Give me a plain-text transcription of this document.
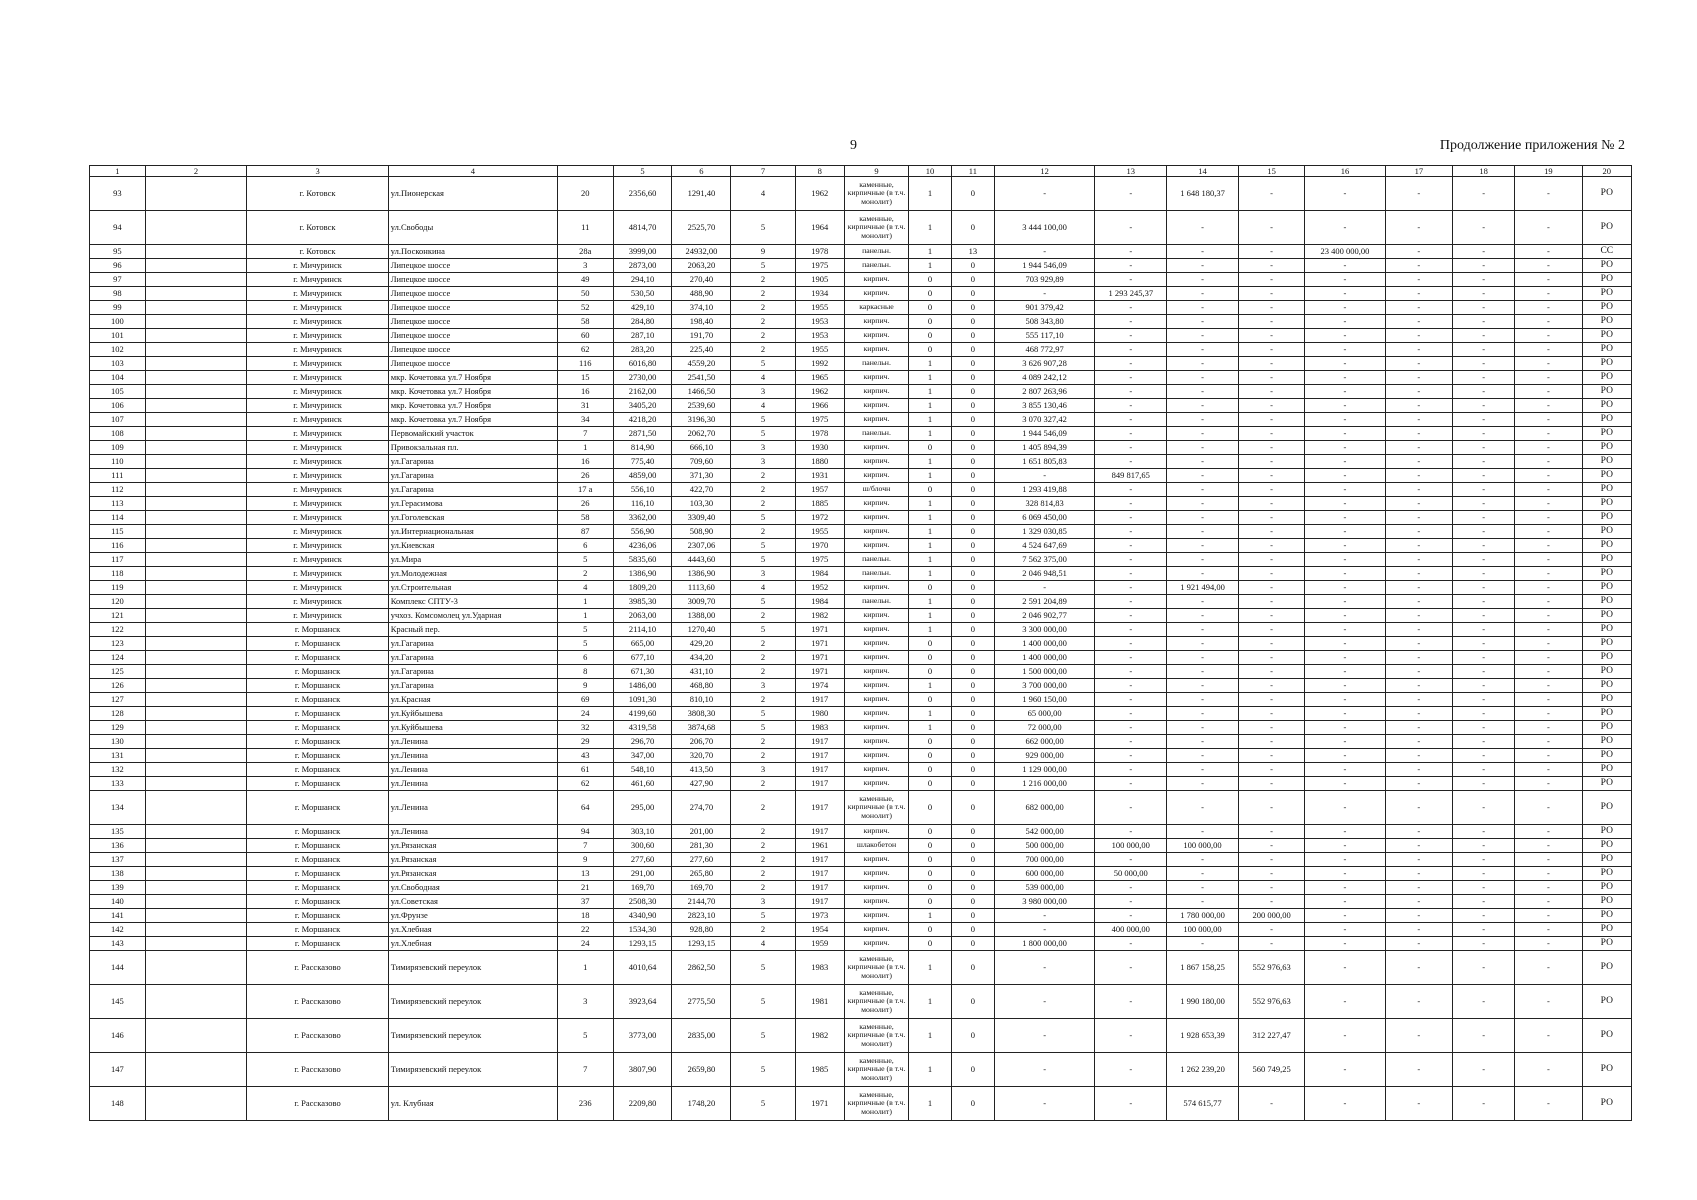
9	Продолжение приложения № 2
1	2	3	4		5	6	7	8	9	10	11	12	13	14	15	16	17	18	19	20
93		г. Котовск	ул.Пионерская	20	2356,60	1291,40	4	1962	каменные, кирпичные (в т.ч. монолит)	1	0	-	-	1 648 180,37	-	-	-	-	-	РО
94		г. Котовск	ул.Свободы	11	4814,70	2525,70	5	1964	каменные, кирпичные (в т.ч. монолит)	1	0	3 444 100,00	-	-	-	-	-	-	-	РО
95		г. Котовск	ул.Посконкина	28а	3999,00	24932,00	9	1978	панельн.	1	13	-	-	-	-	23 400 000,00	-	-	-	СС
96		г. Мичуринск	Липецкое шоссе	3	2873,00	2063,20	5	1975	панельн.	1	0	1 944 546,09	-	-	-	-	-	-	-	РО
97		г. Мичуринск	Липецкое шоссе	49	294,10	270,40	2	1905	кирпич.	0	0	703 929,89	-	-	-	-	-	-	-	РО
98		г. Мичуринск	Липецкое шоссе	50	530,50	488,90	2	1934	кирпич.	0	0	-	1 293 245,37	-	-	-	-	-	-	РО
99		г. Мичуринск	Липецкое шоссе	52	429,10	374,10	2	1955	каркасные	0	0	901 379,42	-	-	-	-	-	-	-	РО
100		г. Мичуринск	Липецкое шоссе	58	284,80	198,40	2	1953	кирпич.	0	0	508 343,80	-	-	-	-	-	-	-	РО
101		г. Мичуринск	Липецкое шоссе	60	287,10	191,70	2	1953	кирпич.	0	0	555 117,10	-	-	-	-	-	-	-	РО
102		г. Мичуринск	Липецкое шоссе	62	283,20	225,40	2	1955	кирпич.	0	0	468 772,97	-	-	-	-	-	-	-	РО
103		г. Мичуринск	Липецкое шоссе	116	6016,80	4559,20	5	1992	панельн.	1	0	3 626 907,28	-	-	-	-	-	-	-	РО
104		г. Мичуринск	мкр. Кочетовка ул.7 Ноября	15	2730,00	2541,50	4	1965	кирпич.	1	0	4 089 242,12	-	-	-	-	-	-	-	РО
105		г. Мичуринск	мкр. Кочетовка ул.7 Ноября	16	2162,00	1466,50	3	1962	кирпич.	1	0	2 807 263,96	-	-	-	-	-	-	-	РО
106		г. Мичуринск	мкр. Кочетовка ул.7 Ноября	31	3405,20	2539,60	4	1966	кирпич.	1	0	3 855 130,46	-	-	-	-	-	-	-	РО
107		г. Мичуринск	мкр. Кочетовка ул.7 Ноября	34	4218,20	3196,30	5	1975	кирпич.	1	0	3 070 327,42	-	-	-	-	-	-	-	РО
108		г. Мичуринск	Первомайский участок	7	2871,50	2062,70	5	1978	панельн.	1	0	1 944 546,09	-	-	-	-	-	-	-	РО
109		г. Мичуринск	Привокзальная пл.	1	814,90	666,10	3	1930	кирпич.	0	0	1 405 894,39	-	-	-	-	-	-	-	РО
110		г. Мичуринск	ул.Гагарина	16	775,40	709,60	3	1880	кирпич.	1	0	1 651 805,83	-	-	-	-	-	-	-	РО
111		г. Мичуринск	ул.Гагарина	26	4859,00	371,30	2	1931	кирпич.	1	0	-	849 817,65	-	-	-	-	-	-	РО
112		г. Мичуринск	ул.Гагарина	17 а	556,10	422,70	2	1957	ш/блочн	0	0	1 293 419,88	-	-	-	-	-	-	-	РО
113		г. Мичуринск	ул.Герасимова	26	116,10	103,30	2	1885	кирпич.	1	0	328 814,83	-	-	-	-	-	-	-	РО
114		г. Мичуринск	ул.Гоголевская	58	3362,00	3309,40	5	1972	кирпич.	1	0	6 069 450,00	-	-	-	-	-	-	-	РО
115		г. Мичуринск	ул.Интернациональная	87	556,90	508,90	2	1955	кирпич.	1	0	1 329 030,85	-	-	-	-	-	-	-	РО
116		г. Мичуринск	ул.Киевская	6	4236,06	2307,06	5	1970	кирпич.	1	0	4 524 647,69	-	-	-	-	-	-	-	РО
117		г. Мичуринск	ул.Мира	5	5835,60	4443,60	5	1975	панельн.	1	0	7 562 375,00	-	-	-	-	-	-	-	РО
118		г. Мичуринск	ул.Молодежная	2	1386,90	1386,90	3	1984	панельн.	1	0	2 046 948,51	-	-	-	-	-	-	-	РО
119		г. Мичуринск	ул.Строительная	4	1809,20	1113,60	4	1952	кирпич.	0	0	-	-	1 921 494,00	-	-	-	-	-	РО
120		г. Мичуринск	Комплекс СПТУ-3	1	3985,30	3009,70	5	1984	панельн.	1	0	2 591 204,89	-	-	-	-	-	-	-	РО
121		г. Мичуринск	учхоз. Комсомолец ул.Ударная	1	2063,00	1388,00	2	1982	кирпич.	1	0	2 046 902,77	-	-	-	-	-	-	-	РО
122		г. Моршанск	Красный пер.	5	2114,10	1270,40	5	1971	кирпич.	1	0	3 300 000,00	-	-	-	-	-	-	-	РО
123		г. Моршанск	ул.Гагарина	5	665,00	429,20	2	1971	кирпич.	0	0	1 400 000,00	-	-	-	-	-	-	-	РО
124		г. Моршанск	ул.Гагарина	6	677,10	434,20	2	1971	кирпич.	0	0	1 400 000,00	-	-	-	-	-	-	-	РО
125		г. Моршанск	ул.Гагарина	8	671,30	431,10	2	1971	кирпич.	0	0	1 500 000,00	-	-	-	-	-	-	-	РО
126		г. Моршанск	ул.Гагарина	9	1486,00	468,80	3	1974	кирпич.	1	0	3 700 000,00	-	-	-	-	-	-	-	РО
127		г. Моршанск	ул.Красная	69	1091,30	810,10	2	1917	кирпич.	0	0	1 960 150,00	-	-	-	-	-	-	-	РО
128		г. Моршанск	ул.Куйбышева	24	4199,60	3808,30	5	1980	кирпич.	1	0	65 000,00	-	-	-	-	-	-	-	РО
129		г. Моршанск	ул.Куйбышева	32	4319,58	3874,68	5	1983	кирпич.	1	0	72 000,00	-	-	-	-	-	-	-	РО
130		г. Моршанск	ул.Ленина	29	296,70	206,70	2	1917	кирпич.	0	0	662 000,00	-	-	-	-	-	-	-	РО
131		г. Моршанск	ул.Ленина	43	347,00	320,70	2	1917	кирпич.	0	0	929 000,00	-	-	-	-	-	-	-	РО
132		г. Моршанск	ул.Ленина	61	548,10	413,50	3	1917	кирпич.	0	0	1 129 000,00	-	-	-	-	-	-	-	РО
133		г. Моршанск	ул.Ленина	62	461,60	427,90	2	1917	кирпич.	0	0	1 216 000,00	-	-	-	-	-	-	-	РО
134		г. Моршанск	ул.Ленина	64	295,00	274,70	2	1917	каменные, кирпичные (в т.ч. монолит)	0	0	682 000,00	-	-	-	-	-	-	-	РО
135		г. Моршанск	ул.Ленина	94	303,10	201,00	2	1917	кирпич.	0	0	542 000,00	-	-	-	-	-	-	-	РО
136		г. Моршанск	ул.Рязанская	7	300,60	281,30	2	1961	шлакобетон	0	0	500 000,00	100 000,00	100 000,00	-	-	-	-	-	РО
137		г. Моршанск	ул.Рязанская	9	277,60	277,60	2	1917	кирпич.	0	0	700 000,00	-	-	-	-	-	-	-	РО
138		г. Моршанск	ул.Рязанская	13	291,00	265,80	2	1917	кирпич.	0	0	600 000,00	50 000,00	-	-	-	-	-	-	РО
139		г. Моршанск	ул.Свободная	21	169,70	169,70	2	1917	кирпич.	0	0	539 000,00	-	-	-	-	-	-	-	РО
140		г. Моршанск	ул.Советская	37	2508,30	2144,70	3	1917	кирпич.	0	0	3 980 000,00	-	-	-	-	-	-	-	РО
141		г. Моршанск	ул.Фрунзе	18	4340,90	2823,10	5	1973	кирпич.	1	0	-	-	1 780 000,00	200 000,00	-	-	-	-	РО
142		г. Моршанск	ул.Хлебная	22	1534,30	928,80	2	1954	кирпич.	0	0	-	400 000,00	100 000,00	-	-	-	-	-	РО
143		г. Моршанск	ул.Хлебная	24	1293,15	1293,15	4	1959	кирпич.	0	0	1 800 000,00	-	-	-	-	-	-	-	РО
144		г. Рассказово	Тимирязевский переулок	1	4010,64	2862,50	5	1983	каменные, кирпичные (в т.ч. монолит)	1	0	-	-	1 867 158,25	552 976,63	-	-	-	-	РО
145		г. Рассказово	Тимирязевский переулок	3	3923,64	2775,50	5	1981	каменные, кирпичные (в т.ч. монолит)	1	0	-	-	1 990 180,00	552 976,63	-	-	-	-	РО
146		г. Рассказово	Тимирязевский переулок	5	3773,00	2835,00	5	1982	каменные, кирпичные (в т.ч. монолит)	1	0	-	-	1 928 653,39	312 227,47	-	-	-	-	РО
147		г. Рассказово	Тимирязевский переулок	7	3807,90	2659,80	5	1985	каменные, кирпичные (в т.ч. монолит)	1	0	-	-	1 262 239,20	560 749,25	-	-	-	-	РО
148		г. Рассказово	ул. Клубная	236	2209,80	1748,20	5	1971	каменные, кирпичные (в т.ч. монолит)	1	0	-	-	574 615,77	-	-	-	-	-	РО
